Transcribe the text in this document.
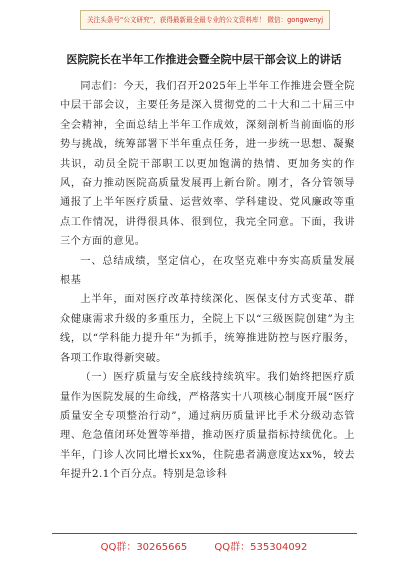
关注头条号“公文研究”，获得最新最全最专业的公文资料库！ 微信：gongwenyj
医院院长在半年工作推进会暨全院中层干部会议上的讲话

同志们：今天，我们召开2025年上半年工作推进会暨全院中层干部会议，主要任务是深入贯彻党的二十大和二十届三中全会精神，全面总结上半年工作成效，深刻剖析当前面临的形势与挑战，统筹部署下半年重点任务，进一步统一思想、凝聚共识，动员全院干部职工以更加饱满的热情、更加务实的作风，奋力推动医院高质量发展再上新台阶。刚才，各分管领导通报了上半年医疗质量、运营效率、学科建设、党风廉政等重点工作情况，讲得很具体、很到位，我完全同意。下面，我讲三个方面的意见。

一、总结成绩，坚定信心，在攻坚克难中夯实高质量发展根基

上半年，面对医疗改革持续深化、医保支付方式变革、群众健康需求升级的多重压力，全院上下以“三级医院创建”为主线，以“学科能力提升年”为抓手，统筹推进防控与医疗服务，各项工作取得新突破。

（一）医疗质量与安全底线持续筑牢。我们始终把医疗质量作为医院发展的生命线，严格落实十八项核心制度开展“医疗质量安全专项整治行动”，通过病历质量评比手术分级动态管理、危急值闭环处置等举措，推动医疗质量指标持续优化。上半年，门诊人次同比增长xx%，住院患者满意度达xx%，较去年提升2.1个百分点。特别是急诊科

QQ群：30265665	QQ群：535304092
